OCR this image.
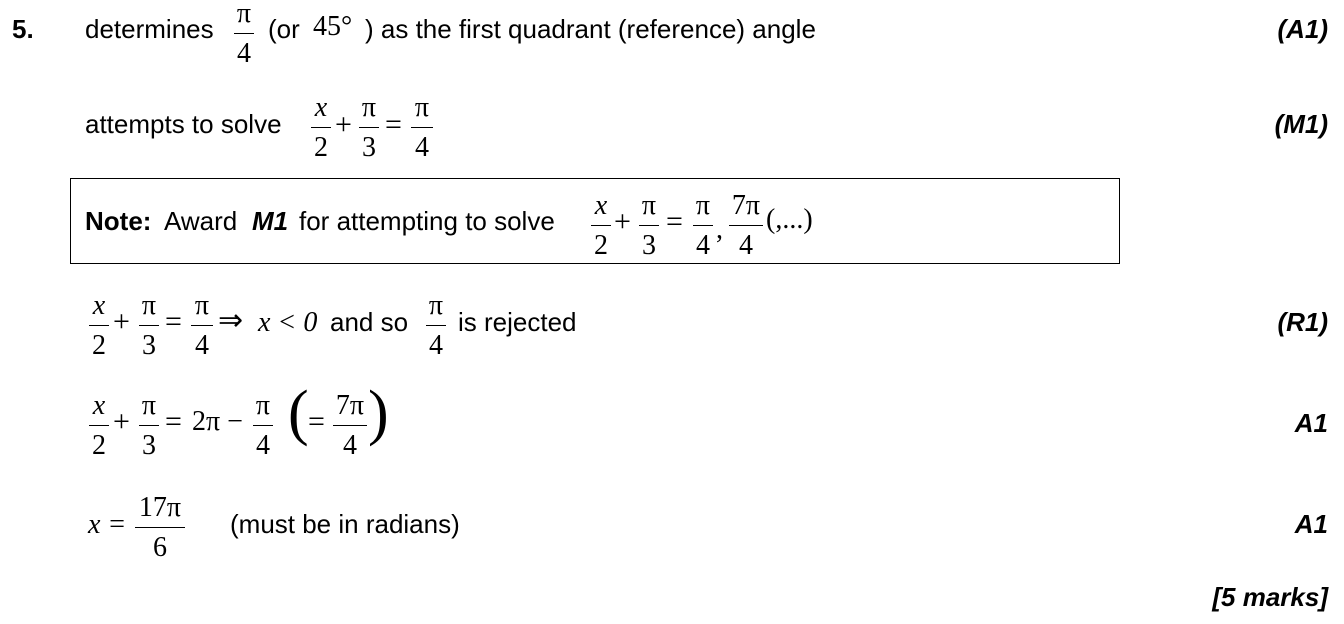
5. determines π
4
(or 45° ) as the first quadrant (reference) angle	(A1)
attempts to solve
x
2
+
π
3
=
π
4
(M1)
Note: Award M1 for attempting to solve x
2
+ π
3
= π
4
,
7π
4
(,...)
x
2
+ π
3
= π
4
⇒ x < 0 and so
π
4
is rejected	(R1)
x
2
+ π
3
= 2π −
π
4 ( = 7π
4 )	A1
x =
17π
6
(must be in radians)	A1
[5 marks]
